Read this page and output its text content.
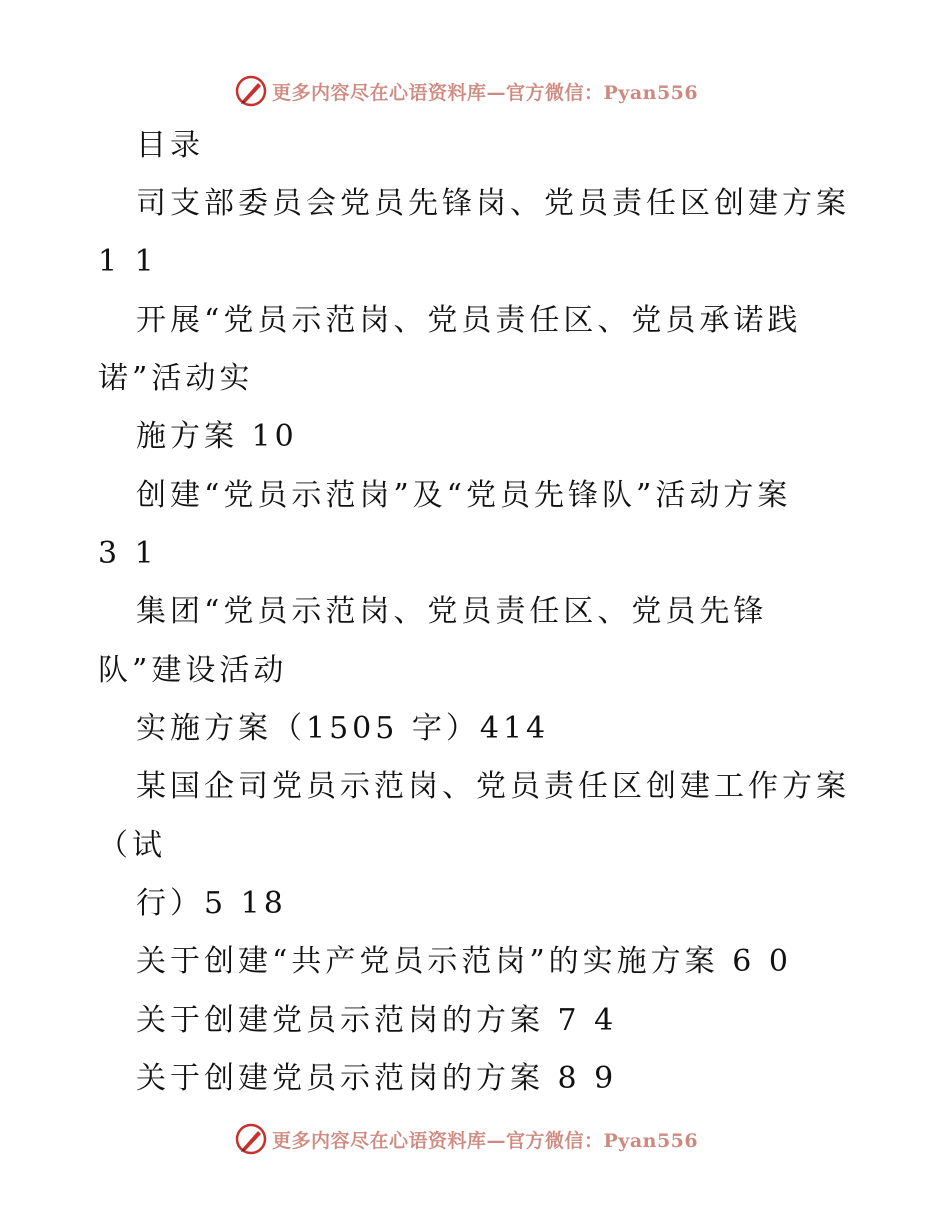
更多内容尽在心语资料库—官方微信：Pyan556
目录
司支部委员会党员先锋岗、党员责任区创建方案
1 1
开展“党员示范岗、党员责任区、党员承诺践
诺”活动实
施方案 10
创建“党员示范岗”及“党员先锋队”活动方案
3 1
集团“党员示范岗、党员责任区、党员先锋
队”建设活动
实施方案（1505 字）414
某国企司党员示范岗、党员责任区创建工作方案
（试
行）5 18
关于创建“共产党员示范岗”的实施方案 6 0
关于创建党员示范岗的方案 7 4
关于创建党员示范岗的方案 8 9
更多内容尽在心语资料库—官方微信：Pyan556
